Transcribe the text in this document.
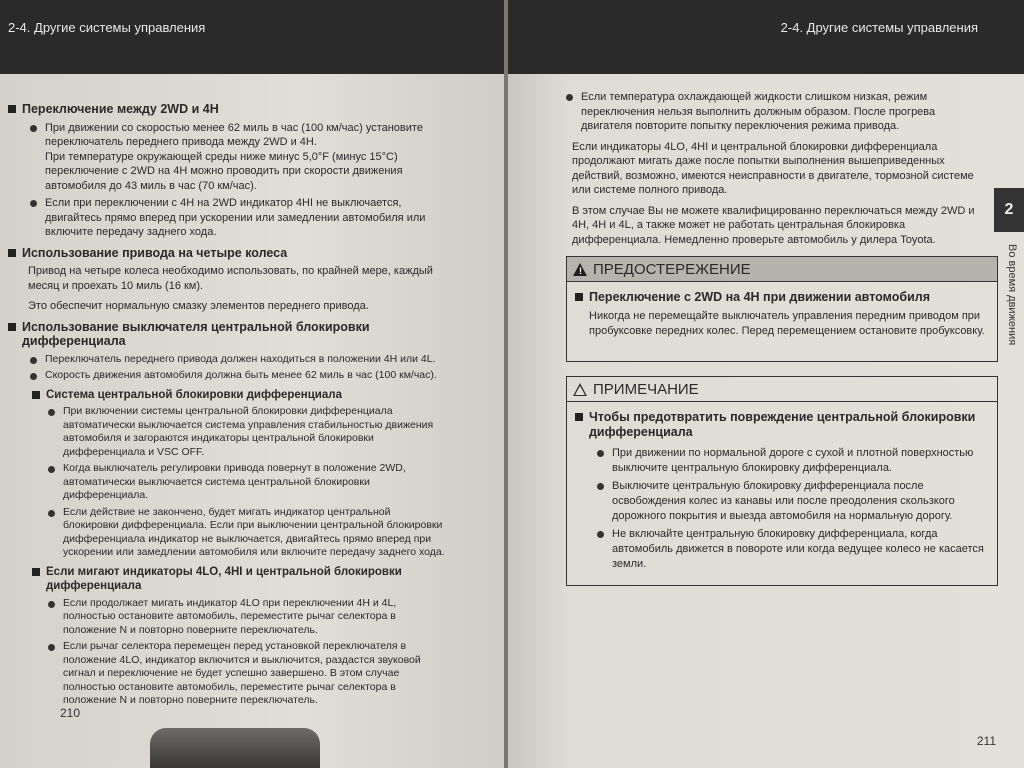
2-4. Другие системы управления
Переключение между 2WD и 4H
При движении со скоростью менее 62 миль в час (100 км/час) установите переключатель переднего привода между 2WD и 4H.
При температуре окружающей среды ниже минус 5,0°F (минус 15°C) переключение с 2WD на 4H можно проводить при скорости движения автомобиля до 43 миль в час (70 км/час).
Если при переключении с 4H на 2WD индикатор 4HI не выключается, двигайтесь прямо вперед при ускорении или замедлении автомобиля или включите передачу заднего хода.
Использование привода на четыре колеса
Привод на четыре колеса необходимо использовать, по крайней мере, каждый месяц и проехать 10 миль (16 км).
Это обеспечит нормальную смазку элементов переднего привода.
Использование выключателя центральной блокировки дифференциала
Переключатель переднего привода должен находиться в положении 4H или 4L.
Скорость движения автомобиля должна быть менее 62 миль в час (100 км/час).
Система центральной блокировки дифференциала
При включении системы центральной блокировки дифференциала автоматически выключается система управления стабильностью движения автомобиля и загораются индикаторы центральной блокировки дифференциала и VSC OFF.
Когда выключатель регулировки привода повернут в положение 2WD, автоматически выключается система центральной блокировки дифференциала.
Если действие не закончено, будет мигать индикатор центральной блокировки дифференциала. Если при выключении центральной блокировки дифференциала индикатор не выключается, двигайтесь прямо вперед при ускорении или замедлении автомобиля или включите передачу заднего хода.
Если мигают индикаторы 4LO, 4HI и центральной блокировки дифференциала
Если продолжает мигать индикатор 4LO при переключении 4H и 4L, полностью остановите автомобиль, переместите рычаг селектора в положение N и повторно поверните переключатель.
Если рычаг селектора перемещен перед установкой переключателя в положение 4LO, индикатор включится и выключится, раздастся звуковой сигнал и переключение не будет успешно завершено. В этом случае полностью остановите автомобиль, переместите рычаг селектора в положение N и повторно поверните переключатель.
210
2-4. Другие системы управления
Если температура охлаждающей жидкости слишком низкая, режим переключения нельзя выполнить должным образом. После прогрева двигателя повторите попытку переключения режима привода.
Если индикаторы 4LO, 4HI и центральной блокировки дифференциала продолжают мигать даже после попытки выполнения вышеприведенных действий, возможно, имеются неисправности в двигателе, тормозной системе или системе полного привода.
В этом случае Вы не можете квалифицированно переключаться между 2WD и 4H, 4H и 4L, а также может не работать центральная блокировка дифференциала. Немедленно проверьте автомобиль у дилера Toyota.
! ПРЕДОСТЕРЕЖЕНИЕ
Переключение с 2WD на 4H при движении автомобиля
Никогда не перемещайте выключатель управления передним приводом при пробуксовке передних колес. Перед перемещением остановите пробуксовку.
ПРИМЕЧАНИЕ
Чтобы предотвратить повреждение центральной блокировки дифференциала
При движении по нормальной дороге с сухой и плотной поверхностью выключите центральную блокировку дифференциала.
Выключите центральную блокировку дифференциала после освобождения колес из канавы или после преодоления скользкого дорожного покрытия и выезда автомобиля на нормальную дорогу.
Не включайте центральную блокировку дифференциала, когда автомобиль движется в повороте или когда ведущее колесо не касается земли.
2
Во время движения
211
